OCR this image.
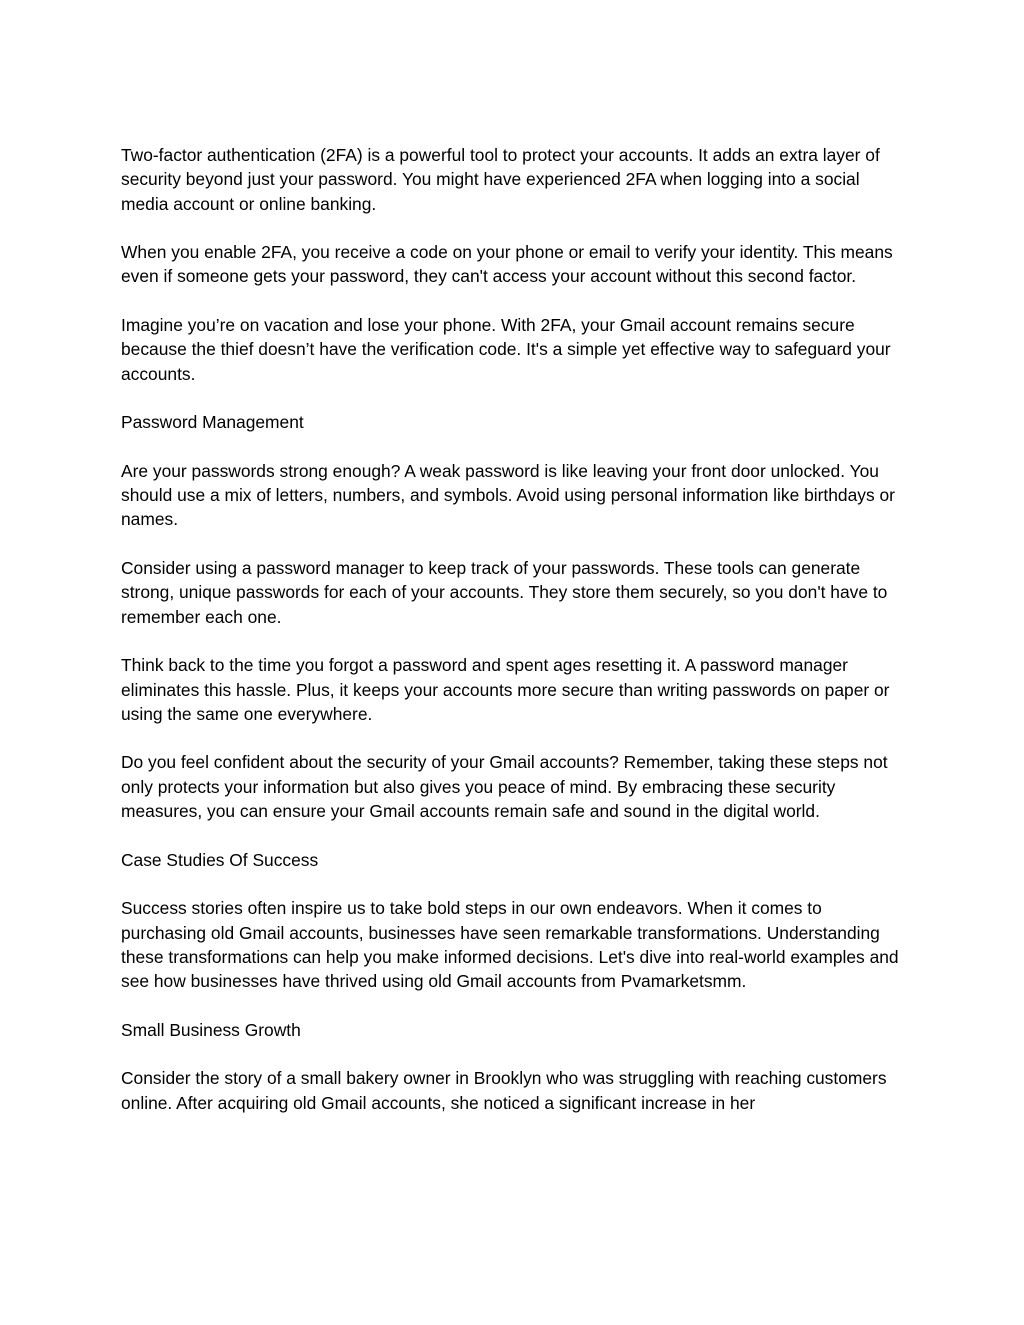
Two-factor authentication (2FA) is a powerful tool to protect your accounts. It adds an extra layer of security beyond just your password. You might have experienced 2FA when logging into a social media account or online banking.

When you enable 2FA, you receive a code on your phone or email to verify your identity. This means even if someone gets your password, they can't access your account without this second factor.

Imagine you’re on vacation and lose your phone. With 2FA, your Gmail account remains secure because the thief doesn’t have the verification code. It's a simple yet effective way to safeguard your accounts.

Password Management

Are your passwords strong enough? A weak password is like leaving your front door unlocked. You should use a mix of letters, numbers, and symbols. Avoid using personal information like birthdays or names.

Consider using a password manager to keep track of your passwords. These tools can generate strong, unique passwords for each of your accounts. They store them securely, so you don't have to remember each one.

Think back to the time you forgot a password and spent ages resetting it. A password manager eliminates this hassle. Plus, it keeps your accounts more secure than writing passwords on paper or using the same one everywhere.

Do you feel confident about the security of your Gmail accounts? Remember, taking these steps not only protects your information but also gives you peace of mind. By embracing these security measures, you can ensure your Gmail accounts remain safe and sound in the digital world.

Case Studies Of Success

Success stories often inspire us to take bold steps in our own endeavors. When it comes to purchasing old Gmail accounts, businesses have seen remarkable transformations. Understanding these transformations can help you make informed decisions. Let's dive into real-world examples and see how businesses have thrived using old Gmail accounts from Pvamarketsmm.

Small Business Growth

Consider the story of a small bakery owner in Brooklyn who was struggling with reaching customers online. After acquiring old Gmail accounts, she noticed a significant increase in her
